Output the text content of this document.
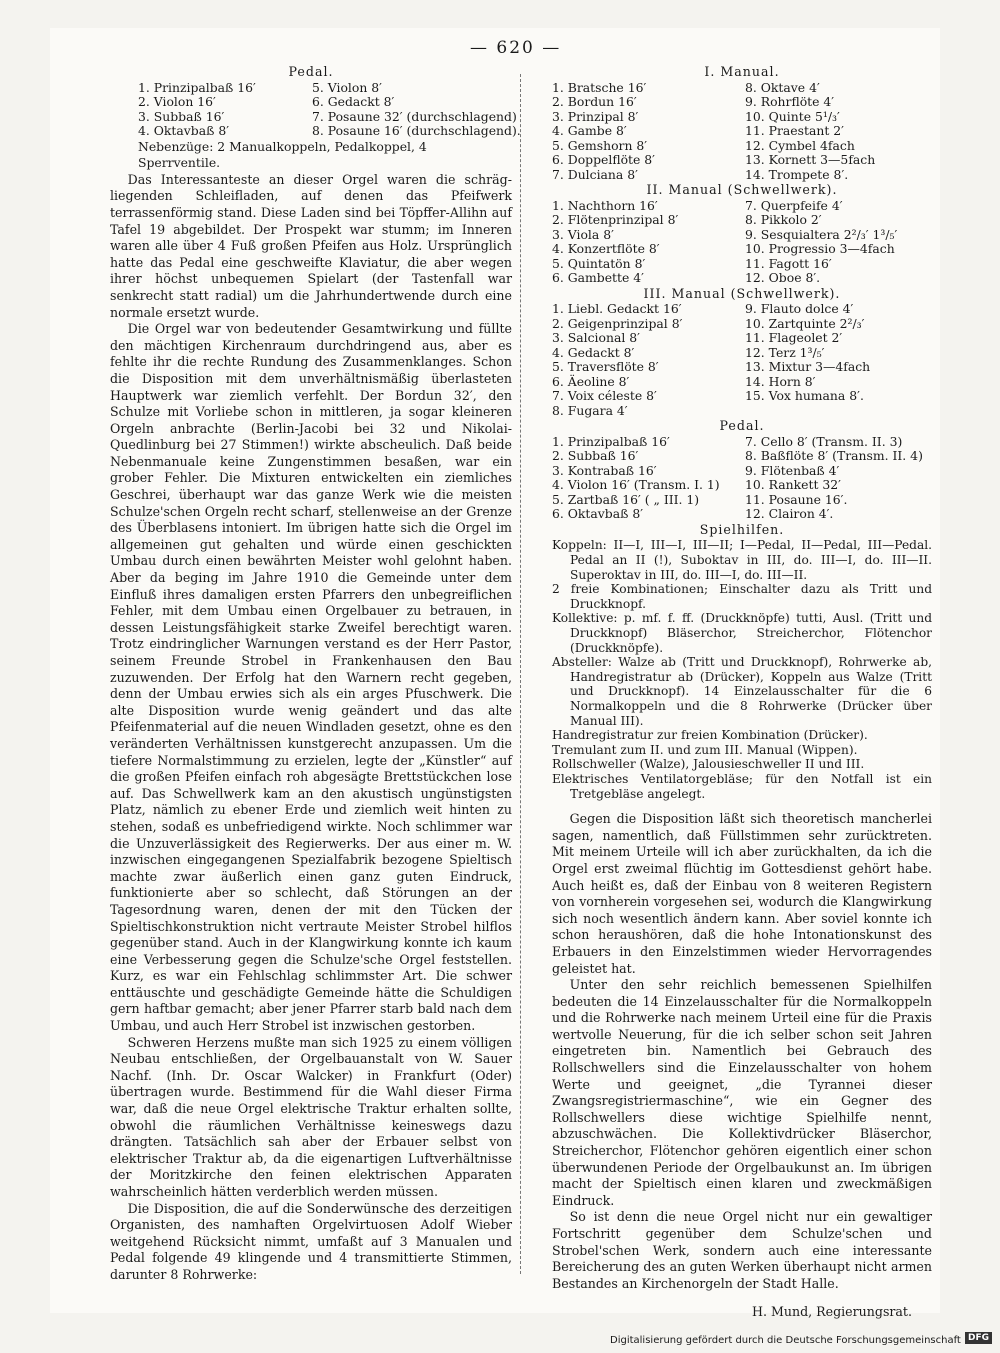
— 620 —

Pedal.

1. Prinzipalbaß 16′	5. Violon 8′
2. Violon 16′	6. Gedackt 8′
3. Subbaß 16′	7. Posaune 32′ (durchschlagend)
4. Oktavbaß 8′	8. Posaune 16′ (durchschlagend).

Nebenzüge: 2 Manualkoppeln, Pedalkoppel, 4 Sperrventile.

Das Interessanteste an dieser Orgel waren die schräg-liegenden Schleifladen, auf denen das Pfeifwerk terrassenförmig stand. Diese Laden sind bei Töpffer-Allihn auf Tafel 19 abgebildet. Der Prospekt war stumm; im Inneren waren alle über 4 Fuß großen Pfeifen aus Holz. Ursprünglich hatte das Pedal eine geschweifte Klaviatur, die aber wegen ihrer höchst unbequemen Spielart (der Tastenfall war senkrecht statt radial) um die Jahrhundertwende durch eine normale ersetzt wurde.

Die Orgel war von bedeutender Gesamtwirkung und füllte den mächtigen Kirchenraum durchdringend aus, aber es fehlte ihr die rechte Rundung des Zusammenklanges. Schon die Disposition mit dem unverhältnismäßig überlasteten Hauptwerk war ziemlich verfehlt. Der Bordun 32′, den Schulze mit Vorliebe schon in mittleren, ja sogar kleineren Orgeln anbrachte (Berlin-Jacobi bei 32 und Nikolai-Quedlinburg bei 27 Stimmen!) wirkte abscheulich. Daß beide Nebenmanuale keine Zungenstimmen besaßen, war ein grober Fehler. Die Mixturen entwickelten ein ziemliches Geschrei, überhaupt war das ganze Werk wie die meisten Schulze'schen Orgeln recht scharf, stellenweise an der Grenze des Überblasens intoniert. Im übrigen hatte sich die Orgel im allgemeinen gut gehalten und würde einen geschickten Umbau durch einen bewährten Meister wohl gelohnt haben. Aber da beging im Jahre 1910 die Gemeinde unter dem Einfluß ihres damaligen ersten Pfarrers den unbegreiflichen Fehler, mit dem Umbau einen Orgelbauer zu betrauen, in dessen Leistungsfähigkeit starke Zweifel berechtigt waren. Trotz eindringlicher Warnungen verstand es der Herr Pastor, seinem Freunde Strobel in Frankenhausen den Bau zuzuwenden. Der Erfolg hat den Warnern recht gegeben, denn der Umbau erwies sich als ein arges Pfuschwerk. Die alte Disposition wurde wenig geändert und das alte Pfeifenmaterial auf die neuen Windladen gesetzt, ohne es den veränderten Verhältnissen kunstgerecht anzupassen. Um die tiefere Normalstimmung zu erzielen, legte der „Künstler“ auf die großen Pfeifen einfach roh abgesägte Brettstückchen lose auf. Das Schwellwerk kam an den akustisch ungünstigsten Platz, nämlich zu ebener Erde und ziemlich weit hinten zu stehen, sodaß es unbefriedigend wirkte. Noch schlimmer war die Unzuverlässigkeit des Regierwerks. Der aus einer m. W. inzwischen eingegangenen Spezialfabrik bezogene Spieltisch machte zwar äußerlich einen ganz guten Eindruck, funktionierte aber so schlecht, daß Störungen an der Tagesordnung waren, denen der mit den Tücken der Spieltischkonstruktion nicht vertraute Meister Strobel hilflos gegenüber stand. Auch in der Klangwirkung konnte ich kaum eine Verbesserung gegen die Schulze'sche Orgel feststellen. Kurz, es war ein Fehlschlag schlimmster Art. Die schwer enttäuschte und geschädigte Gemeinde hätte die Schuldigen gern haftbar gemacht; aber jener Pfarrer starb bald nach dem Umbau, und auch Herr Strobel ist inzwischen gestorben.

Schweren Herzens mußte man sich 1925 zu einem völligen Neubau entschließen, der Orgelbauanstalt von W. Sauer Nachf. (Inh. Dr. Oscar Walcker) in Frankfurt (Oder) übertragen wurde. Bestimmend für die Wahl dieser Firma war, daß die neue Orgel elektrische Traktur erhalten sollte, obwohl die räumlichen Verhältnisse keineswegs dazu drängten. Tatsächlich sah aber der Erbauer selbst von elektrischer Traktur ab, da die eigenartigen Luftverhältnisse der Moritzkirche den feinen elektrischen Apparaten wahrscheinlich hätten verderblich werden müssen.

Die Disposition, die auf die Sonderwünsche des derzeitigen Organisten, des namhaften Orgelvirtuosen Adolf Wieber weitgehend Rücksicht nimmt, umfaßt auf 3 Manualen und Pedal folgende 49 klingende und 4 transmittierte Stimmen, darunter 8 Rohrwerke:

I. Manual.

1. Bratsche 16′	8. Oktave 4′
2. Bordun 16′	9. Rohrflöte 4′
3. Prinzipal 8′	10. Quinte 5¹/₃′
4. Gambe 8′	11. Praestant 2′
5. Gemshorn 8′	12. Cymbel 4fach
6. Doppelflöte 8′	13. Kornett 3—5fach
7. Dulciana 8′	14. Trompete 8′.

II. Manual (Schwellwerk).

1. Nachthorn 16′	7. Querpfeife 4′
2. Flötenprinzipal 8′	8. Pikkolo 2′
3. Viola 8′	9. Sesquialtera 2²/₃′ 1³/₅′
4. Konzertflöte 8′	10. Progressio 3—4fach
5. Quintatön 8′	11. Fagott 16′
6. Gambette 4′	12. Oboe 8′.

III. Manual (Schwellwerk).

1. Liebl. Gedackt 16′	9. Flauto dolce 4′
2. Geigenprinzipal 8′	10. Zartquinte 2²/₃′
3. Salcional 8′	11. Flageolet 2′
4. Gedackt 8′	12. Terz 1³/₅′
5. Traversflöte 8′	13. Mixtur 3—4fach
6. Äeoline 8′	14. Horn 8′
7. Voix céleste 8′	15. Vox humana 8′.
8. Fugara 4′

Pedal.

1. Prinzipalbaß 16′	7. Cello 8′ (Transm. II. 3)
2. Subbaß 16′	8. Baßflöte 8′ (Transm. II. 4)
3. Kontrabaß 16′	9. Flötenbaß 4′
4. Violon 16′ (Transm. I. 1)	10. Rankett 32′
5. Zartbaß 16′ ( „ III. 1)	11. Posaune 16′.
6. Oktavbaß 8′	12. Clairon 4′.

Spielhilfen.

Koppeln: II—I, III—I, III—II; I—Pedal, II—Pedal, III—Pedal. Pedal an II (!), Suboktav in III, do. III—I, do. III—II. Superoktav in III, do. III—I, do. III—II.

2 freie Kombinationen; Einschalter dazu als Tritt und Druckknopf.

Kollektive: p. mf. f. ff. (Druckknöpfe) tutti, Ausl. (Tritt und Druckknopf) Bläserchor, Streicherchor, Flötenchor (Druckknöpfe).

Absteller: Walze ab (Tritt und Druckknopf), Rohrwerke ab, Handregistratur ab (Drücker), Koppeln aus Walze (Tritt und Druckknopf). 14 Einzelausschalter für die 6 Normalkoppeln und die 8 Rohrwerke (Drücker über Manual III).

Handregistratur zur freien Kombination (Drücker).

Tremulant zum II. und zum III. Manual (Wippen).

Rollschweller (Walze), Jalousieschweller II und III.

Elektrisches Ventilatorgebläse; für den Notfall ist ein Tretgebläse angelegt.

Gegen die Disposition läßt sich theoretisch mancherlei sagen, namentlich, daß Füllstimmen sehr zurücktreten. Mit meinem Urteile will ich aber zurückhalten, da ich die Orgel erst zweimal flüchtig im Gottesdienst gehört habe. Auch heißt es, daß der Einbau von 8 weiteren Registern von vornherein vorgesehen sei, wodurch die Klangwirkung sich noch wesentlich ändern kann. Aber soviel konnte ich schon heraushören, daß die hohe Intonationskunst des Erbauers in den Einzelstimmen wieder Hervorragendes geleistet hat.

Unter den sehr reichlich bemessenen Spielhilfen bedeuten die 14 Einzelausschalter für die Normalkoppeln und die Rohrwerke nach meinem Urteil eine für die Praxis wertvolle Neuerung, für die ich selber schon seit Jahren eingetreten bin. Namentlich bei Gebrauch des Rollschwellers sind die Einzelausschalter von hohem Werte und geeignet, „die Tyrannei dieser Zwangsregistriermaschine“, wie ein Gegner des Rollschwellers diese wichtige Spielhilfe nennt, abzuschwächen. Die Kollektivdrücker Bläserchor, Streicherchor, Flötenchor gehören eigentlich einer schon überwundenen Periode der Orgelbaukunst an. Im übrigen macht der Spieltisch einen klaren und zweckmäßigen Eindruck.

So ist denn die neue Orgel nicht nur ein gewaltiger Fortschritt gegenüber dem Schulze'schen und Strobel'schen Werk, sondern auch eine interessante Bereicherung des an guten Werken überhaupt nicht armen Bestandes an Kirchenorgeln der Stadt Halle.

H. Mund, Regierungsrat.

Digitalisierung gefördert durch die Deutsche Forschungsgemeinschaft DFG
